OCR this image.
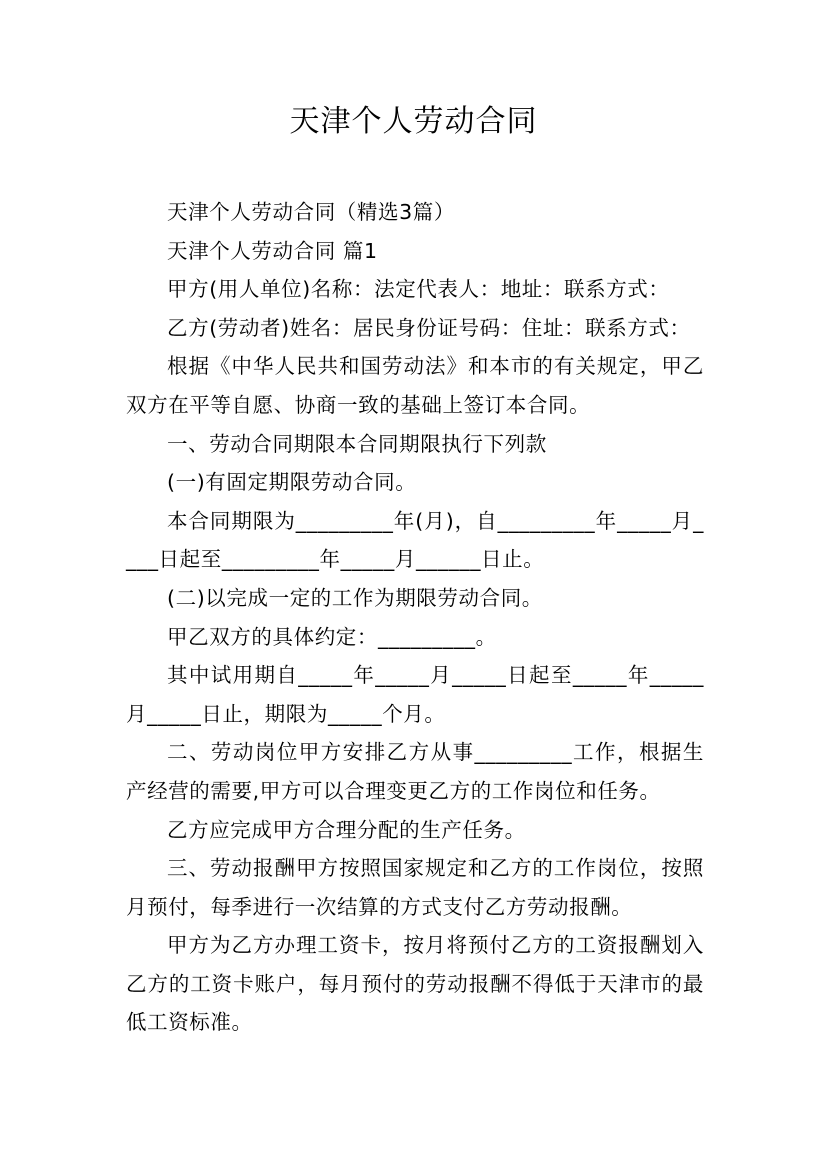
天津个人劳动合同

天津个人劳动合同（精选3篇）

天津个人劳动合同 篇1

甲方(用人单位)名称：法定代表人：地址：联系方式：

乙方(劳动者)姓名：居民身份证号码：住址：联系方式：

根据《中华人民共和国劳动法》和本市的有关规定，甲乙双方在平等自愿、协商一致的基础上签订本合同。

一、劳动合同期限本合同期限执行下列款

(一)有固定期限劳动合同。

本合同期限为_________年(月)，自_________年_____月____日起至_________年_____月______日止。

(二)以完成一定的工作为期限劳动合同。

甲乙双方的具体约定：_________。

其中试用期自_____年_____月_____日起至_____年_____月_____日止，期限为_____个月。

二、劳动岗位甲方安排乙方从事_________工作，根据生产经营的需要,甲方可以合理变更乙方的工作岗位和任务。

乙方应完成甲方合理分配的生产任务。

三、劳动报酬甲方按照国家规定和乙方的工作岗位，按照月预付，每季进行一次结算的方式支付乙方劳动报酬。

甲方为乙方办理工资卡，按月将预付乙方的工资报酬划入乙方的工资卡账户，每月预付的劳动报酬不得低于天津市的最低工资标准。
